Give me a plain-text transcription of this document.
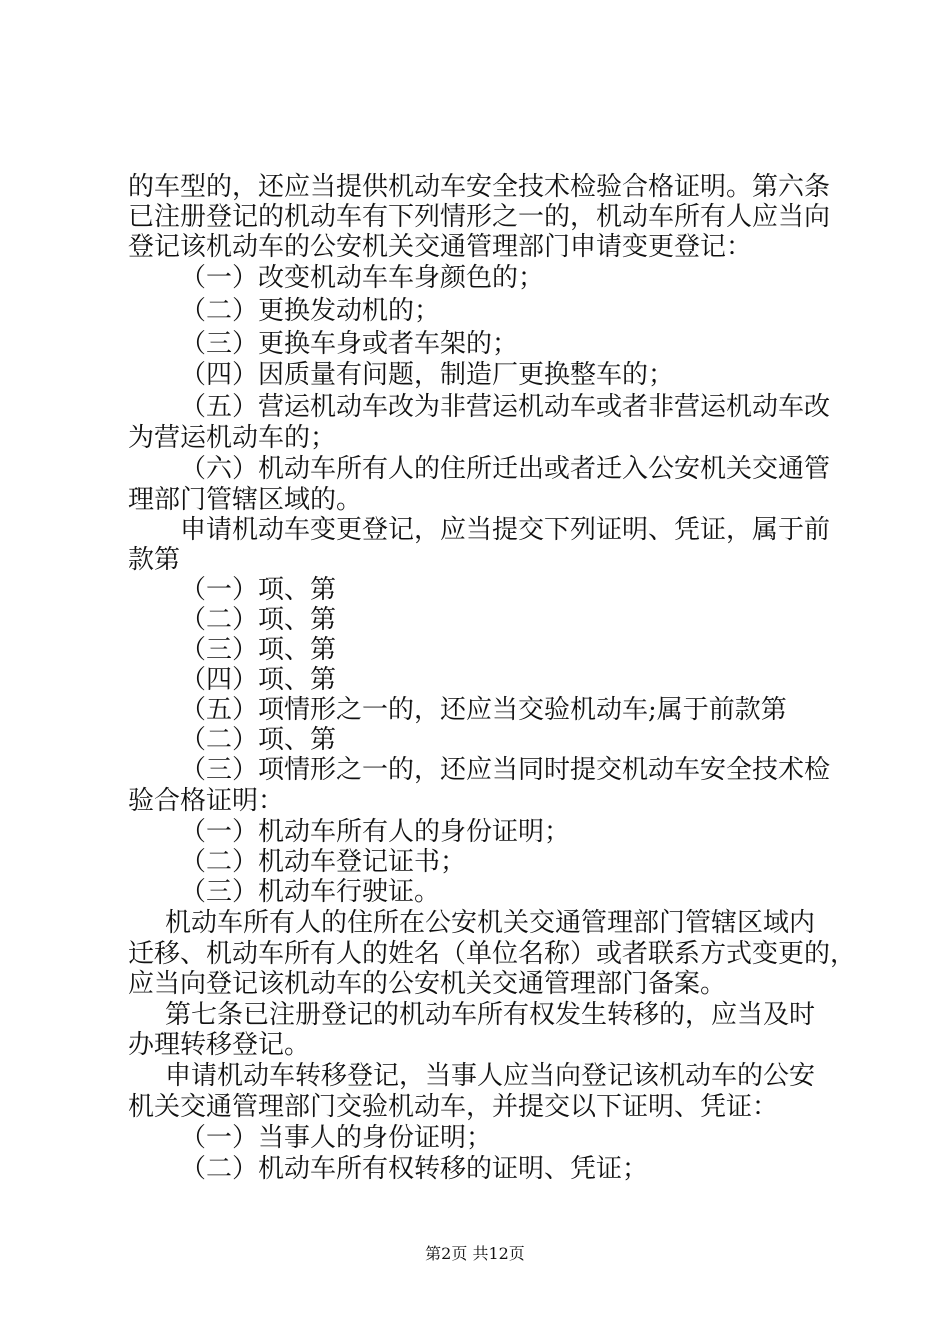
的车型的，还应当提供机动车安全技术检验合格证明。第六条
已注册登记的机动车有下列情形之一的，机动车所有人应当向
登记该机动车的公安机关交通管理部门申请变更登记：
（一）改变机动车车身颜色的；
（二）更换发动机的；
（三）更换车身或者车架的；
（四）因质量有问题，制造厂更换整车的；
（五）营运机动车改为非营运机动车或者非营运机动车改
为营运机动车的；
（六）机动车所有人的住所迁出或者迁入公安机关交通管
理部门管辖区域的。
申请机动车变更登记，应当提交下列证明、凭证，属于前
款第
（一）项、第
（二）项、第
（三）项、第
（四）项、第
（五）项情形之一的，还应当交验机动车;属于前款第
（二）项、第
（三）项情形之一的，还应当同时提交机动车安全技术检
验合格证明：
（一）机动车所有人的身份证明；
（二）机动车登记证书；
（三）机动车行驶证。
机动车所有人的住所在公安机关交通管理部门管辖区域内
迁移、机动车所有人的姓名（单位名称）或者联系方式变更的，
应当向登记该机动车的公安机关交通管理部门备案。
第七条已注册登记的机动车所有权发生转移的，应当及时
办理转移登记。
申请机动车转移登记，当事人应当向登记该机动车的公安
机关交通管理部门交验机动车，并提交以下证明、凭证：
（一）当事人的身份证明；
（二）机动车所有权转移的证明、凭证；
第2页 共12页
